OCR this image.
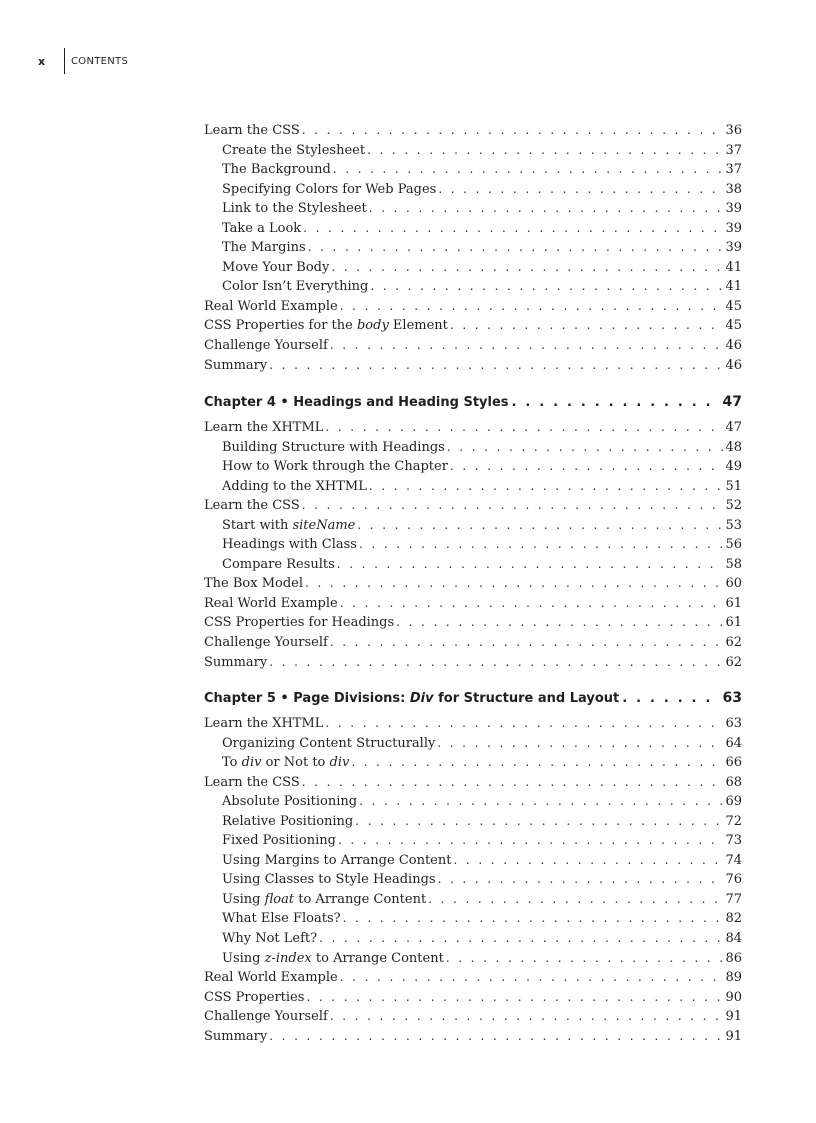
x	CONTENTS
Learn the CSS . . .	36
Create the Stylesheet . . .	37
The Background . . .	37
Specifying Colors for Web Pages . . .	38
Link to the Stylesheet . . .	39
Take a Look . . .	39
The Margins . . .	39
Move Your Body . . .	41
Color Isn’t Everything . . .	41
Real World Example . . .	45
CSS Properties for the body Element . . .	45
Challenge Yourself . . .	46
Summary . . .	46
Chapter 4 • Headings and Heading Styles . . .	47
Learn the XHTML . . .	47
Building Structure with Headings . . .	48
How to Work through the Chapter . . .	49
Adding to the XHTML . . .	51
Learn the CSS . . .	52
Start with siteName . . .	53
Headings with Class . . .	56
Compare Results . . .	58
The Box Model . . .	60
Real World Example . . .	61
CSS Properties for Headings . . .	61
Challenge Yourself . . .	62
Summary . . .	62
Chapter 5 • Page Divisions: Div for Structure and Layout . . .	63
Learn the XHTML . . .	63
Organizing Content Structurally . . .	64
To div or Not to div . . .	66
Learn the CSS . . .	68
Absolute Positioning . . .	69
Relative Positioning . . .	72
Fixed Positioning . . .	73
Using Margins to Arrange Content . . .	74
Using Classes to Style Headings . . .	76
Using float to Arrange Content . . .	77
What Else Floats? . . .	82
Why Not Left? . . .	84
Using z-index to Arrange Content . . .	86
Real World Example . . .	89
CSS Properties . . .	90
Challenge Yourself . . .	91
Summary . . .	91
